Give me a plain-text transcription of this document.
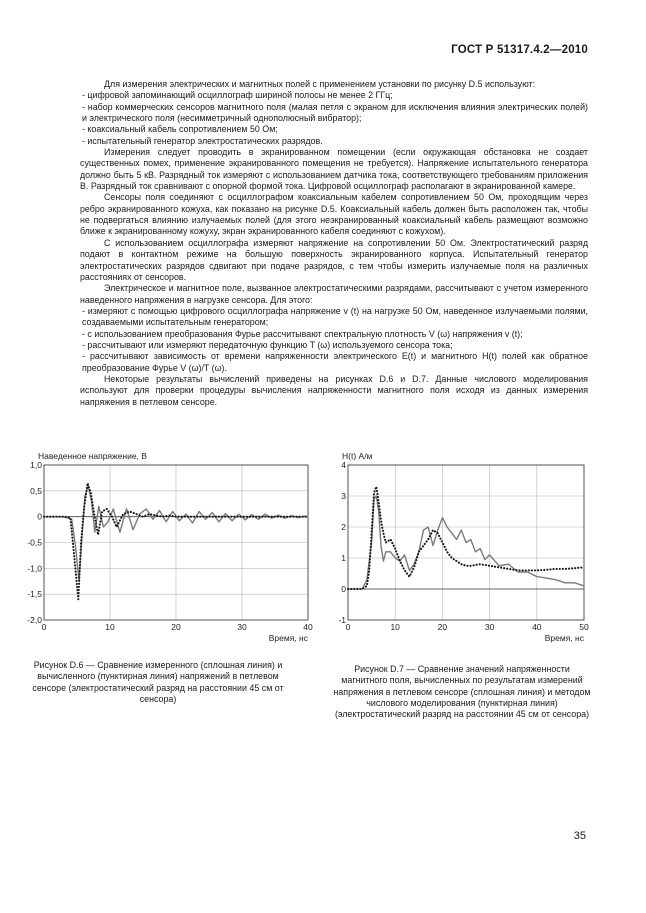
ГОСТ Р 51317.4.2—2010

Для измерения электрических и магнитных полей с применением установки по рисунку D.5 используют:

- цифровой запоминающий осциллограф шириной полосы не менее 2 ГГц;

- набор коммерческих сенсоров магнитного поля (малая петля с экраном для исключения влияния электрических полей) и электрического поля (несимметричный однополюсный вибратор);

- коаксиальный кабель сопротивлением 50 Ом;

- испытательный генератор электростатических разрядов.

Измерения следует проводить в экранированном помещении (если окружающая обстановка не создает существенных помех, применение экранированного помещения не требуется). Напряжение испытательного генератора должно быть 5 кВ. Разрядный ток измеряют с использованием датчика тока, соответствующего требованиям приложения В. Разрядный ток сравнивают с опорной формой тока. Цифровой осциллограф располагают в экранированной камере.

Сенсоры поля соединяют с осциллографом коаксиальным кабелем сопротивлением 50 Ом, проходящим через ребро экранированного кожуха, как показано на рисунке D.5. Коаксиальный кабель должен быть расположен так, чтобы не подвергаться влиянию излучаемых полей (для этого неэкранированный коаксиальный кабель размещают возможно ближе к экранированному кожуху, экран экранированного кабеля соединяют с кожухом).

С использованием осциллографа измеряют напряжение на сопротивлении 50 Ом. Электростатический разряд подают в контактном режиме на большую поверхность экранированного корпуса. Испытательный генератор электростатических разрядов сдвигают при подаче разрядов, с тем чтобы измерить излучаемые поля на различных расстояниях от сенсоров.

Электрическое и магнитное поле, вызванное электростатическими разрядами, рассчитывают с учетом измеренного наведенного напряжения в нагрузке сенсора. Для этого:

- измеряют с помощью цифрового осциллографа напряжение v (t) на нагрузке 50 Ом, наведенное излучаемыми полями, создаваемыми испытательным генератором;

- с использованием преобразования Фурье рассчитывают спектральную плотность V (ω) напряжения v (t);

- рассчитывают или измеряют передаточную функцию T (ω) используемого сенсора тока;

- рассчитывают зависимость от времени напряженности электрического E(t) и магнитного H(t) полей как обратное преобразование Фурье V (ω)/T (ω).

Некоторые результаты вычислений приведены на рисунках D.6 и D.7. Данные числового моделирования используют для проверки процедуры вычисления напряженности магнитного поля исходя из данных измерения напряжения в петлевом сенсоре.

0	10	20	30	40
1,0
0,5
0
-0,5
-1,0
-1,5
-2,0
Наведенное напряжение, В
Время, нс
Рисунок D.6 — Сравнение измеренного (сплошная линия) и вычисленного (пунктирная линия) напряжений в петлевом сенсоре (электростатический разряд на расстоянии 45 см от сенсора)
0	10	20	30	40	50
4
3
2
1
0
-1
H(t) А/м
Время, нс
Рисунок D.7 — Сравнение значений напряженности магнитного поля, вычисленных по результатам измерений напряжения в петлевом сенсоре (сплошная линия) и методом числового моделирования (пунктирная линия) (электростатический разряд на расстоянии 45 см от сенсора)
35
